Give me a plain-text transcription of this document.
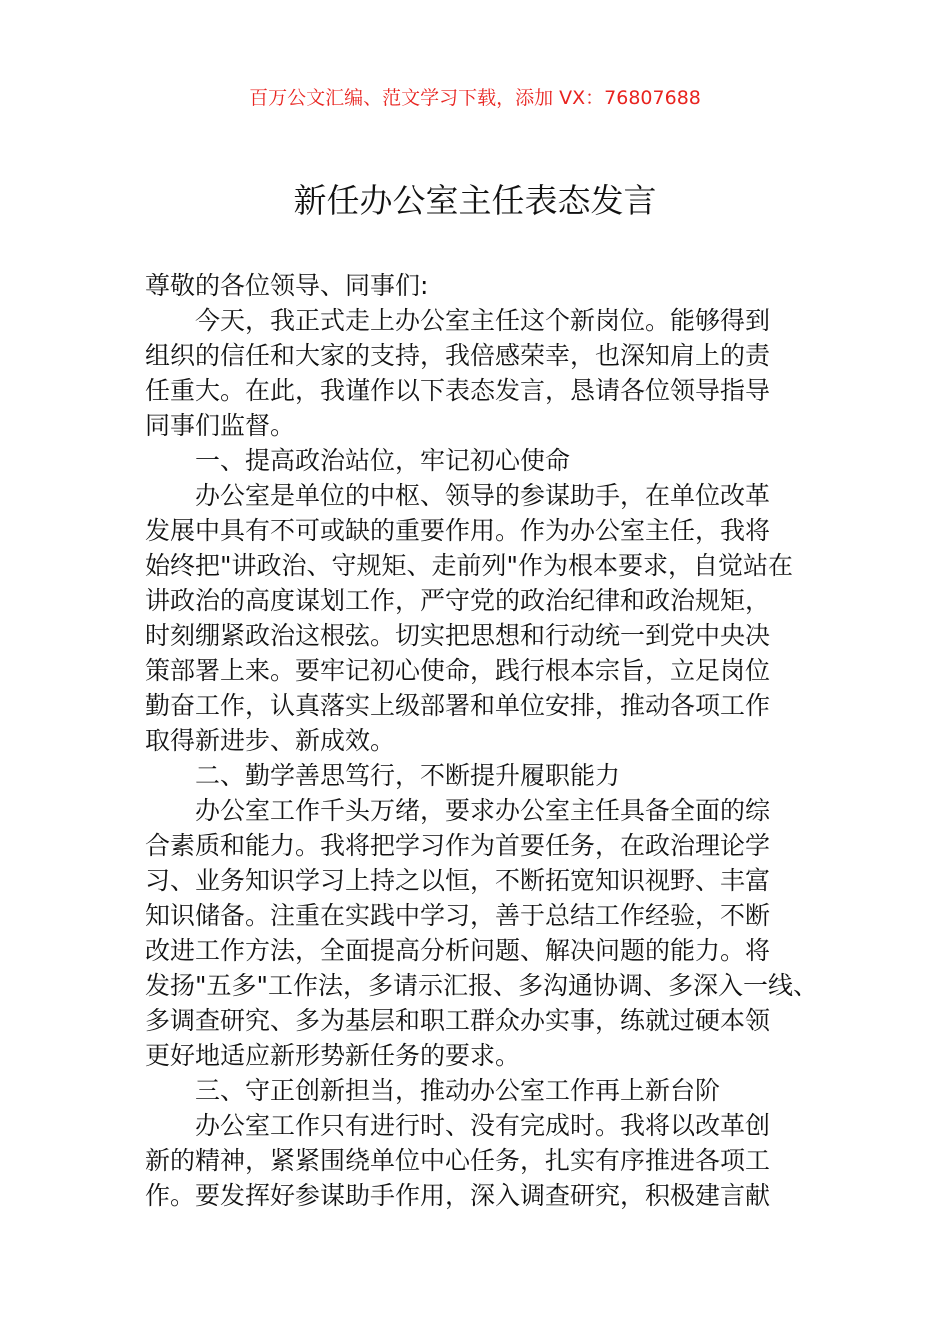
百万公文汇编、范文学习下载，添加 VX：76807688
新任办公室主任表态发言
尊敬的各位领导、同事们:
　　今天，我正式走上办公室主任这个新岗位。能够得到
组织的信任和大家的支持，我倍感荣幸，也深知肩上的责
任重大。在此，我谨作以下表态发言，恳请各位领导指导
同事们监督。
　　一、提高政治站位，牢记初心使命
　　办公室是单位的中枢、领导的参谋助手，在单位改革
发展中具有不可或缺的重要作用。作为办公室主任，我将
始终把"讲政治、守规矩、走前列"作为根本要求，自觉站在
讲政治的高度谋划工作，严守党的政治纪律和政治规矩，
时刻绷紧政治这根弦。切实把思想和行动统一到党中央决
策部署上来。要牢记初心使命，践行根本宗旨，立足岗位
勤奋工作，认真落实上级部署和单位安排，推动各项工作
取得新进步、新成效。
　　二、勤学善思笃行，不断提升履职能力
　　办公室工作千头万绪，要求办公室主任具备全面的综
合素质和能力。我将把学习作为首要任务，在政治理论学
习、业务知识学习上持之以恒，不断拓宽知识视野、丰富
知识储备。注重在实践中学习，善于总结工作经验，不断
改进工作方法，全面提高分析问题、解决问题的能力。将
发扬"五多"工作法，多请示汇报、多沟通协调、多深入一线、
多调查研究、多为基层和职工群众办实事，练就过硬本领
更好地适应新形势新任务的要求。
　　三、守正创新担当，推动办公室工作再上新台阶
　　办公室工作只有进行时、没有完成时。我将以改革创
新的精神，紧紧围绕单位中心任务，扎实有序推进各项工
作。要发挥好参谋助手作用，深入调查研究，积极建言献
